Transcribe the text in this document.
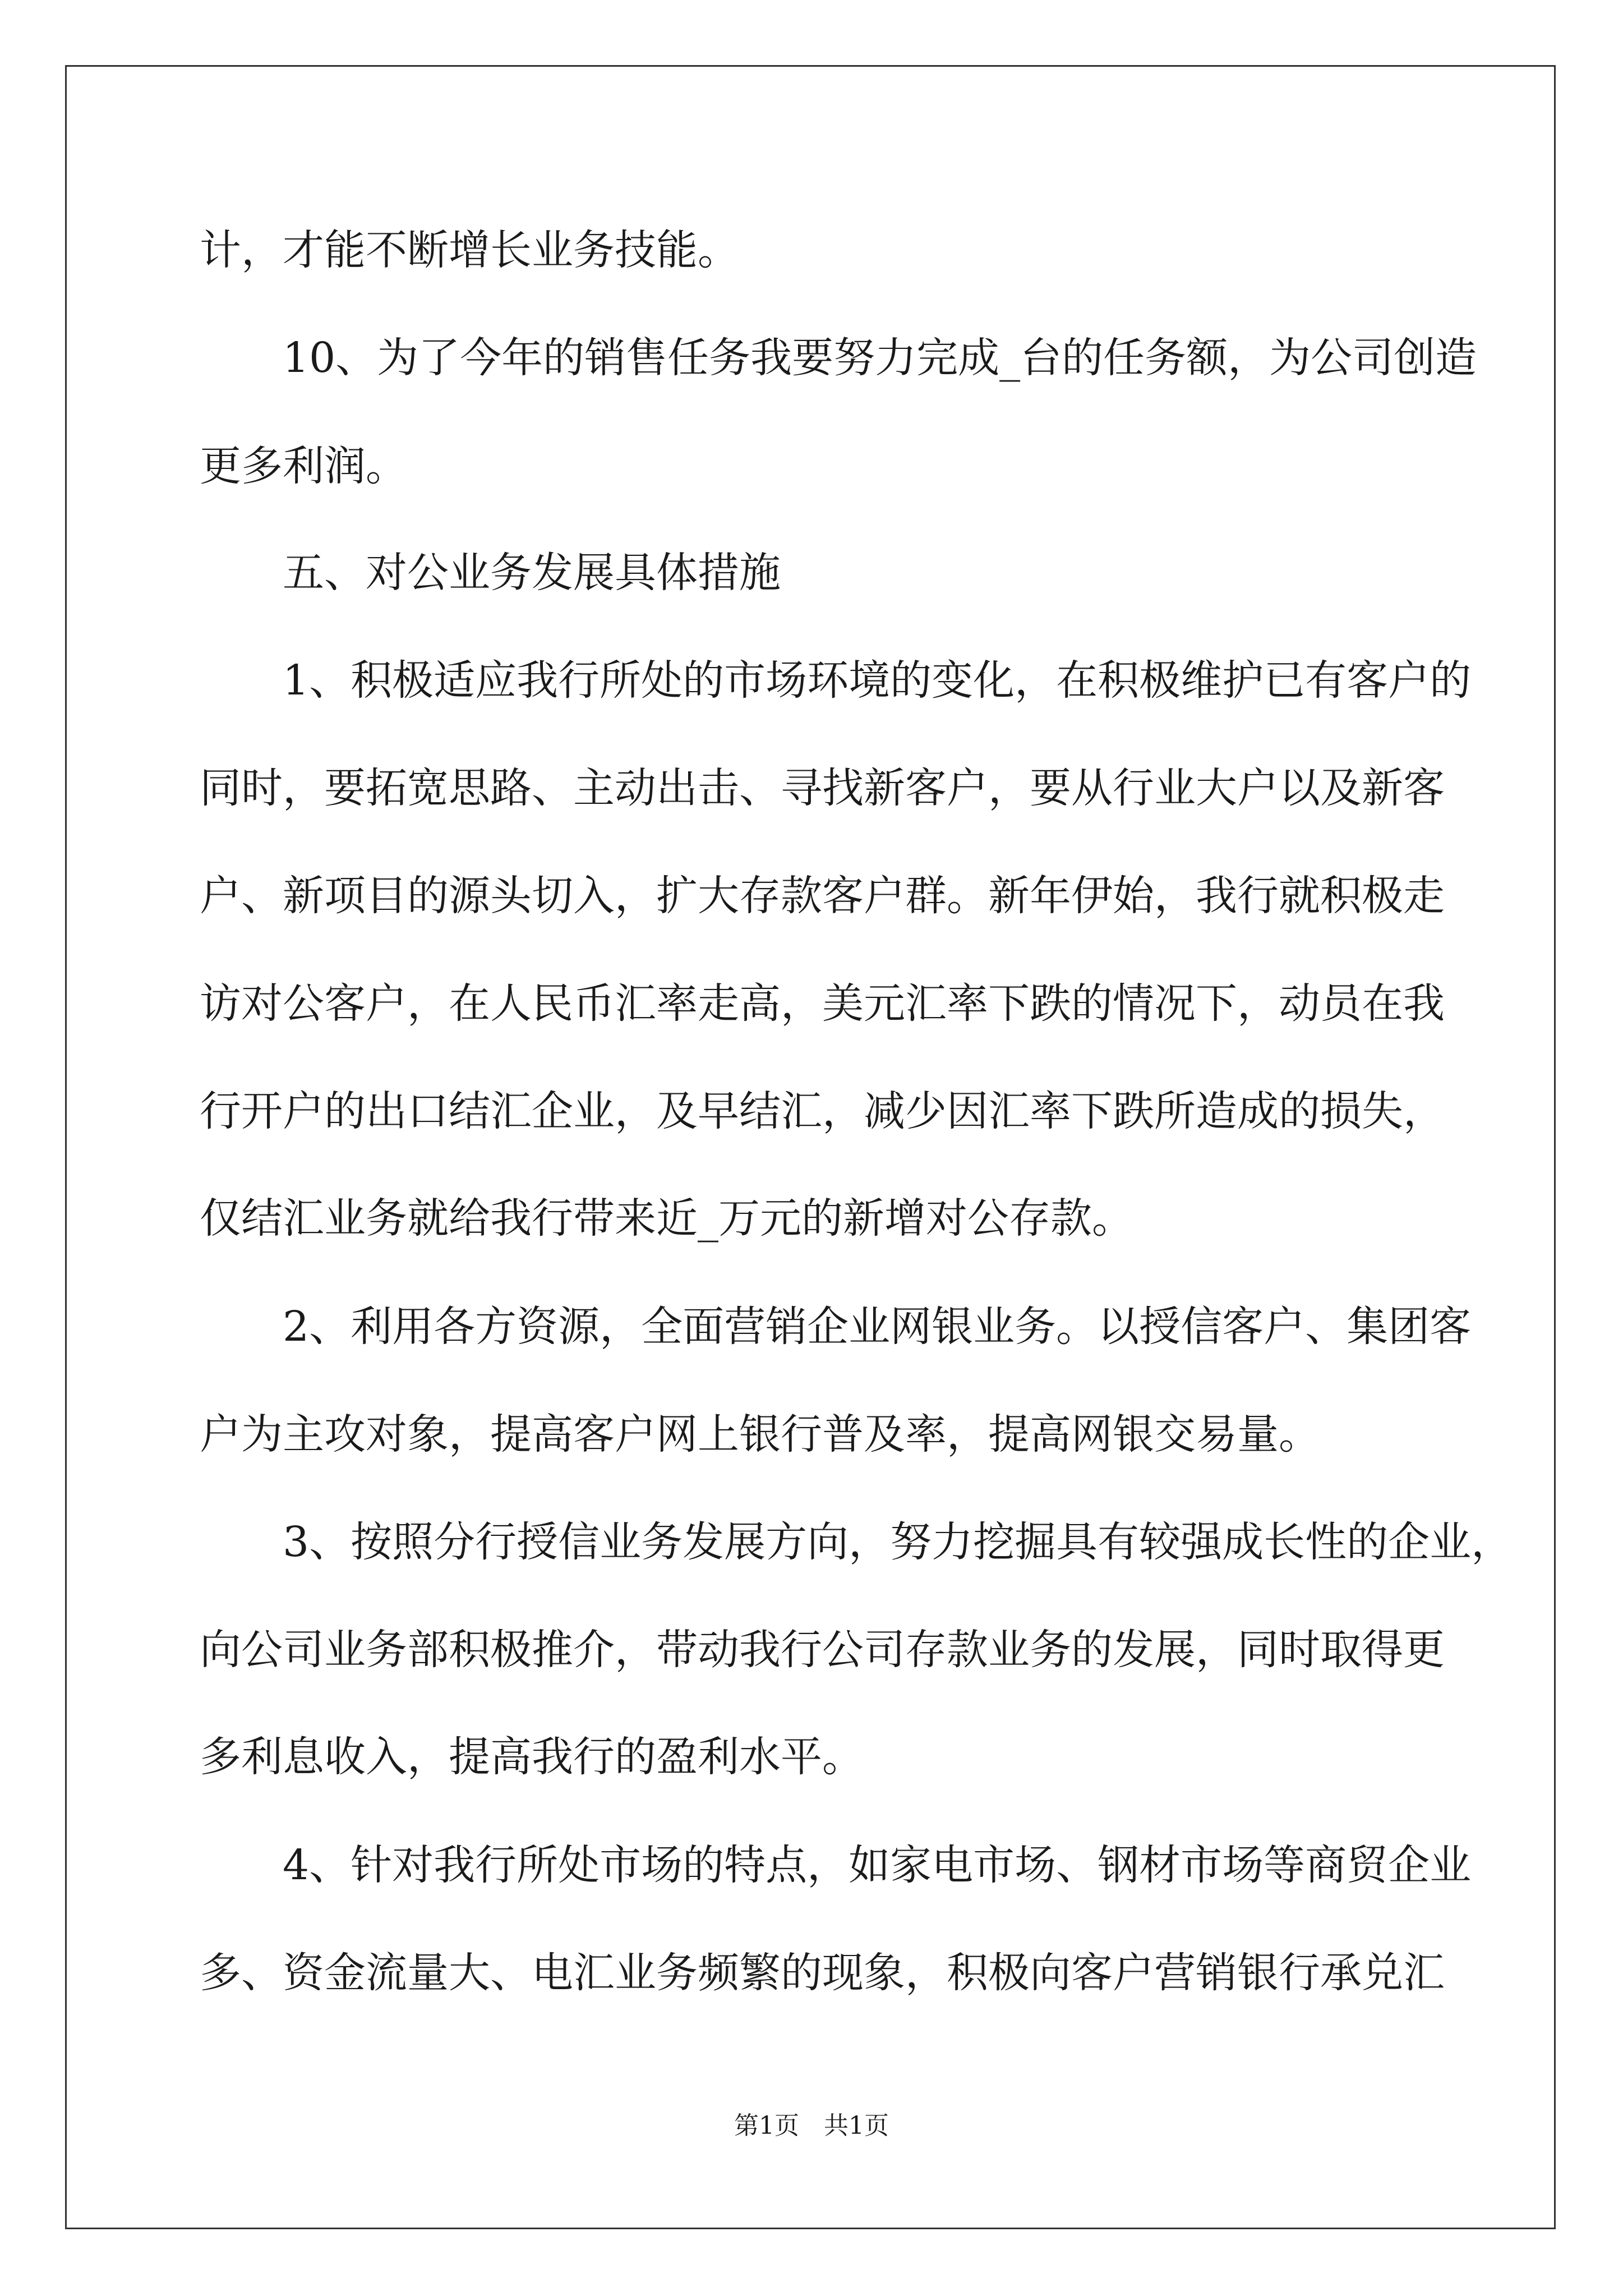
计，才能不断增长业务技能。
10、为了今年的销售任务我要努力完成_台的任务额，为公司创造
更多利润。
五、对公业务发展具体措施
1、积极适应我行所处的市场环境的变化，在积极维护已有客户的
同时，要拓宽思路、主动出击、寻找新客户，要从行业大户以及新客
户、新项目的源头切入，扩大存款客户群。新年伊始，我行就积极走
访对公客户，在人民币汇率走高，美元汇率下跌的情况下，动员在我
行开户的出口结汇企业，及早结汇，减少因汇率下跌所造成的损失，
仅结汇业务就给我行带来近_万元的新增对公存款。
2、利用各方资源，全面营销企业网银业务。以授信客户、集团客
户为主攻对象，提高客户网上银行普及率，提高网银交易量。
3、按照分行授信业务发展方向，努力挖掘具有较强成长性的企业，
向公司业务部积极推介，带动我行公司存款业务的发展，同时取得更
多利息收入，提高我行的盈利水平。
4、针对我行所处市场的特点，如家电市场、钢材市场等商贸企业
多、资金流量大、电汇业务频繁的现象，积极向客户营销银行承兑汇
第1页　共1页
